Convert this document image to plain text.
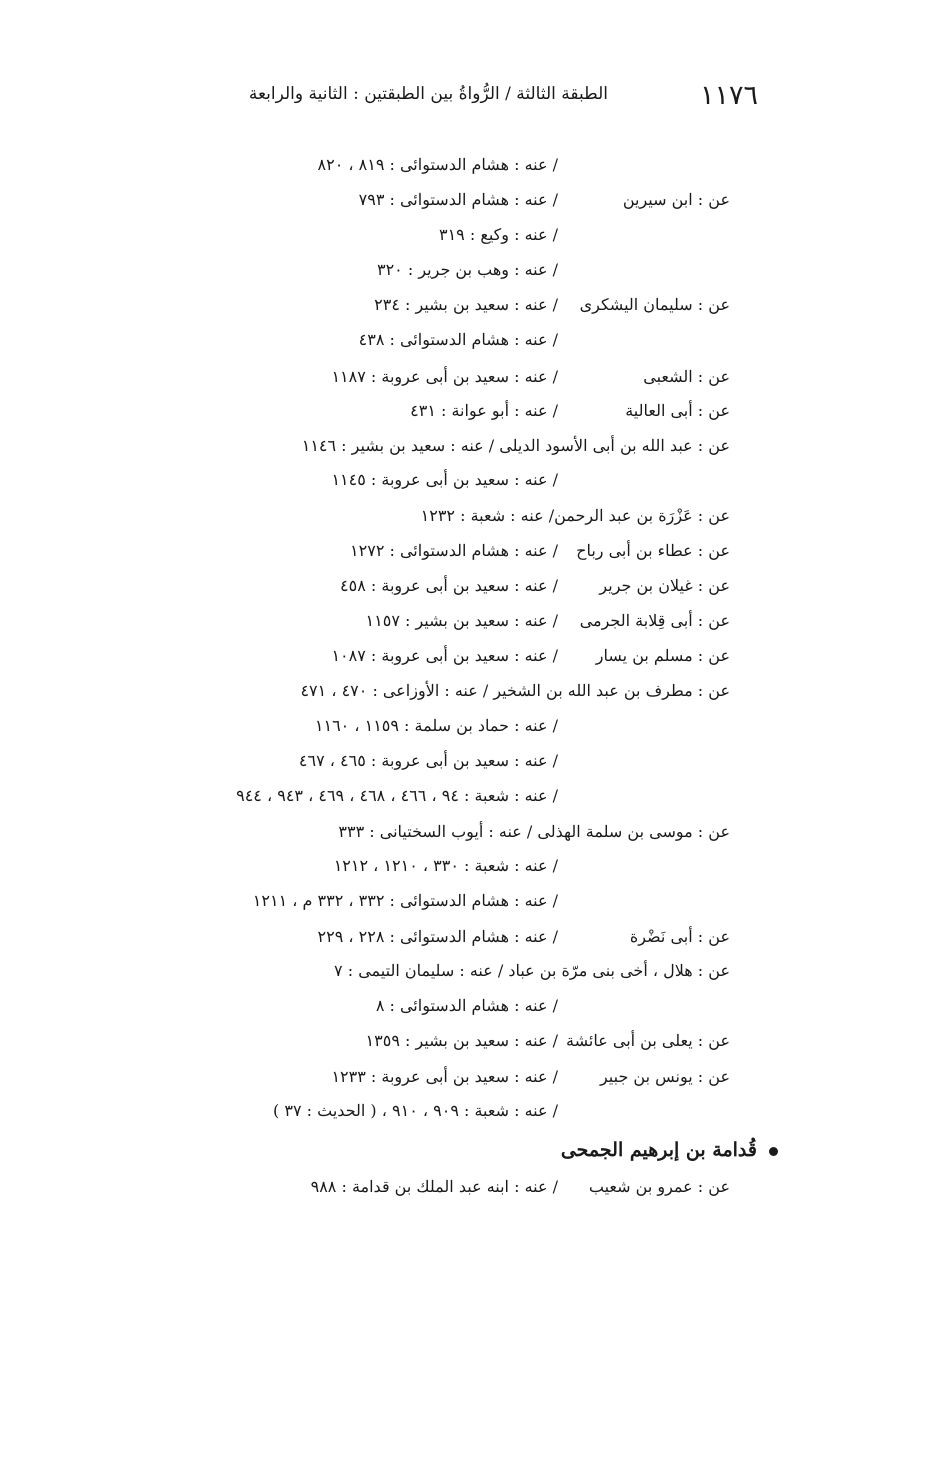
١١٧٦
الطبقة الثالثة / الرُّواةُ بين الطبقتين : الثانية والرابعة
/ عنه : هشام الدستوائى : ٨١٩ ، ٨٢٠
عن : ابن سيرين
/ عنه : هشام الدستوائى : ٧٩٣
/ عنه : وكيع : ٣١٩
/ عنه : وهب بن جرير : ٣٢٠
عن : سليمان اليشكرى
/ عنه : سعيد بن بشير : ٢٣٤
/ عنه : هشام الدستوائى : ٤٣٨
عن : الشعبى
/ عنه : سعيد بن أبى عروبة : ١١٨٧
عن : أبى العالية
/ عنه : أبو عوانة : ٤٣١
عن : عبد الله بن أبى الأسود الديلى / عنه : سعيد بن بشير : ١١٤٦
/ عنه : سعيد بن أبى عروبة : ١١٤٥
عن : عَزْرَة بن عبد الرحمن/ عنه : شعبة : ١٢٣٢
عن : عطاء بن أبى رباح
/ عنه : هشام الدستوائى : ١٢٧٢
عن : غيلان بن جرير
/ عنه : سعيد بن أبى عروبة : ٤٥٨
عن : أبى قِلابة الجرمى
/ عنه : سعيد بن بشير : ١١٥٧
عن : مسلم بن يسار
/ عنه : سعيد بن أبى عروبة : ١٠٨٧
عن : مطرف بن عبد الله بن الشخير / عنه : الأوزاعى : ٤٧٠ ، ٤٧١
/ عنه : حماد بن سلمة : ١١٥٩ ، ١١٦٠
/ عنه : سعيد بن أبى عروبة : ٤٦٥ ، ٤٦٧
/ عنه : شعبة : ٩٤ ، ٤٦٦ ، ٤٦٨ ، ٤٦٩ ، ٩٤٣ ، ٩٤٤
عن : موسى بن سلمة الهذلى / عنه : أيوب السختيانى : ٣٣٣
/ عنه : شعبة : ٣٣٠ ، ١٢١٠ ، ١٢١٢
/ عنه : هشام الدستوائى : ٣٣٢ ، ٣٣٢ م ، ١٢١١
عن : أبى نَضْرة
/ عنه : هشام الدستوائى : ٢٢٨ ، ٢٢٩
عن : هلال ، أخى بنى مرّة بن عباد / عنه : سليمان التيمى : ٧
/ عنه : هشام الدستوائى : ٨
عن : يعلى بن أبى عائشة
/ عنه : سعيد بن بشير : ١٣٥٩
عن : يونس بن جبير
/ عنه : سعيد بن أبى عروبة : ١٢٣٣
/ عنه : شعبة : ٩٠٩ ، ٩١٠ ، ( الحديث : ٣٧ )
قُدامة بن إبرهيم الجمحى
عن : عمرو بن شعيب
/ عنه : ابنه عبد الملك بن قدامة : ٩٨٨
